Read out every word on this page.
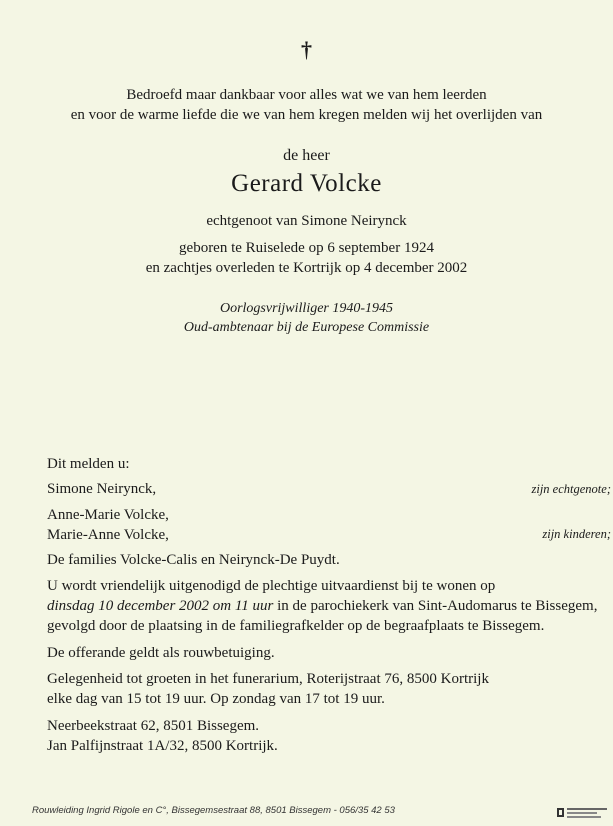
†
Bedroefd maar dankbaar voor alles wat we van hem leerden
en voor de warme liefde die we van hem kregen melden wij het overlijden van
de heer
Gerard Volcke
echtgenoot van Simone Neirynck
geboren te Ruiselede op 6 september 1924
en zachtjes overleden te Kortrijk op 4 december 2002
Oorlogsvrijwilliger 1940-1945
Oud-ambtenaar bij de Europese Commissie
Dit melden u:
Simone Neirynck,	zijn echtgenote;
Anne-Marie Volcke,
Marie-Anne Volcke,	zijn kinderen;
De families Volcke-Calis en Neirynck-De Puydt.
U wordt vriendelijk uitgenodigd de plechtige uitvaardienst bij te wonen op
dinsdag 10 december 2002 om 11 uur in de parochiekerk van Sint-Audomarus te Bissegem,
gevolgd door de plaatsing in de familiegrafkelder op de begraafplaats te Bissegem.
De offerande geldt als rouwbetuiging.
Gelegenheid tot groeten in het funerarium, Roterijstraat 76, 8500 Kortrijk
elke dag van 15 tot 19 uur. Op zondag van 17 tot 19 uur.
Neerbeekstraat 62, 8501 Bissegem.
Jan Palfijnstraat 1A/32, 8500 Kortrijk.
Rouwleiding Ingrid Rigole en C°, Bissegemsestraat 88, 8501 Bissegem - 056/35 42 53
